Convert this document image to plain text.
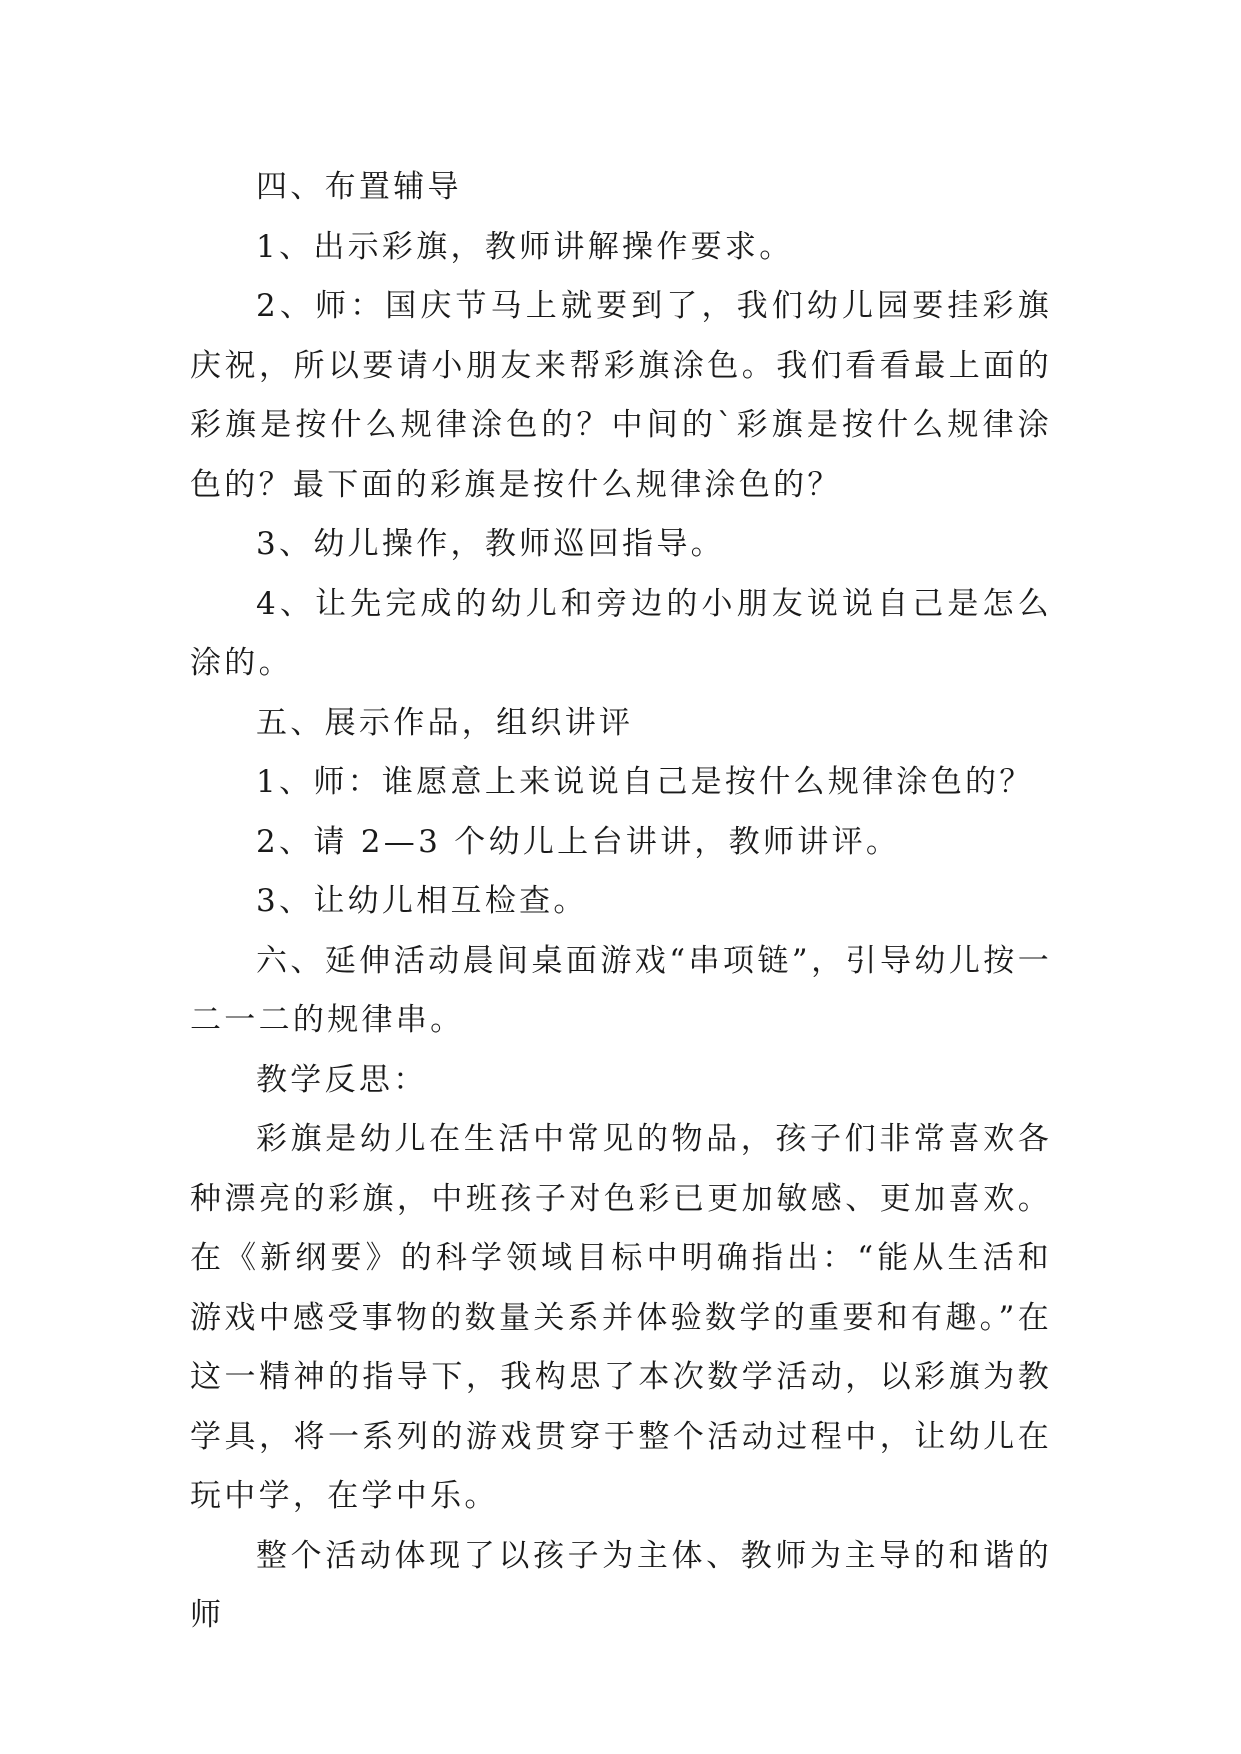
四、布置辅导

1、出示彩旗，教师讲解操作要求。

2、师：国庆节马上就要到了，我们幼儿园要挂彩旗庆祝，所以要请小朋友来帮彩旗涂色。我们看看最上面的彩旗是按什么规律涂色的？中间的`彩旗是按什么规律涂色的？最下面的彩旗是按什么规律涂色的？

3、幼儿操作，教师巡回指导。

4、让先完成的幼儿和旁边的小朋友说说自己是怎么涂的。

五、展示作品，组织讲评

1、师：谁愿意上来说说自己是按什么规律涂色的？

2、请 2—3 个幼儿上台讲讲，教师讲评。

3、让幼儿相互检查。

六、延伸活动晨间桌面游戏“串项链”，引导幼儿按一二一二的规律串。

教学反思：

彩旗是幼儿在生活中常见的物品，孩子们非常喜欢各种漂亮的彩旗，中班孩子对色彩已更加敏感、更加喜欢。在《新纲要》的科学领域目标中明确指出：“能从生活和游戏中感受事物的数量关系并体验数学的重要和有趣。”在这一精神的指导下，我构思了本次数学活动，以彩旗为教学具，将一系列的游戏贯穿于整个活动过程中，让幼儿在玩中学，在学中乐。

整个活动体现了以孩子为主体、教师为主导的和谐的师
